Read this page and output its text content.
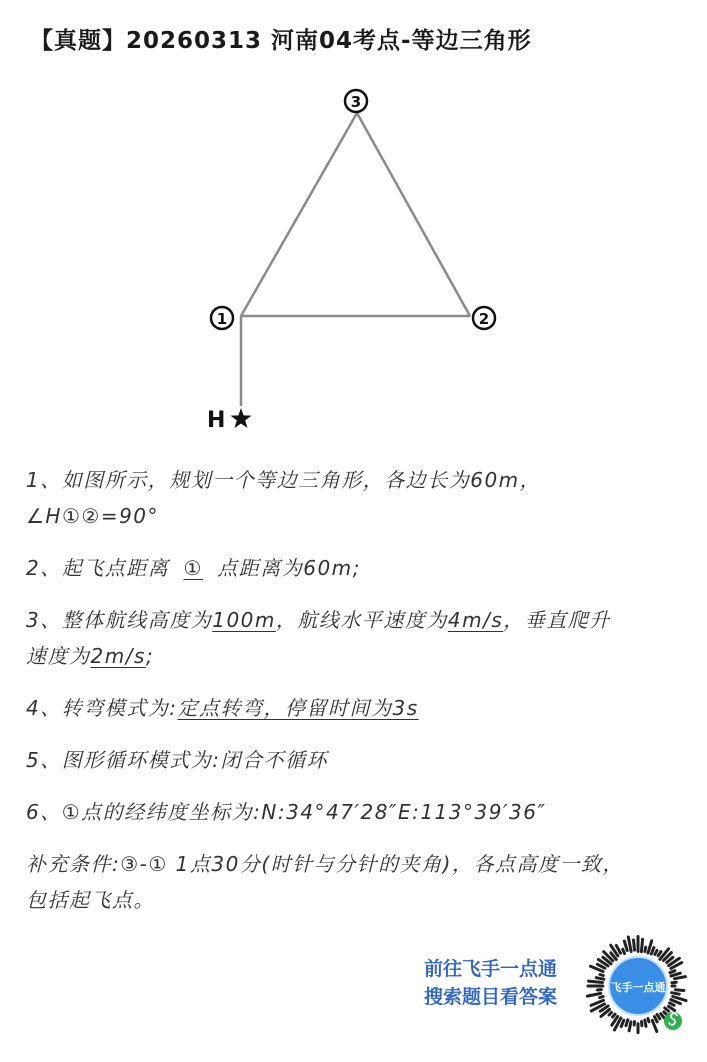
【真题】20260313 河南04考点-等边三角形
3
1	2
H
1、如图所示，规划一个等边三角形，各边长为60m，
∠H①②=90°
2、起飞点距离 ① 点距离为60m;
3、整体航线高度为100m，航线水平速度为4m/s，垂直爬升
速度为2m/s;
4、转弯模式为:定点转弯，停留时间为3s
5、图形循环模式为:闭合不循环
6、①点的经纬度坐标为:N:34°47′28″E:113°39′36″
补充条件:③-① 1点30分(时针与分针的夹角)，各点高度一致，
包括起飞点。
前往飞手一点通
搜索题目看答案	飞手一点通
